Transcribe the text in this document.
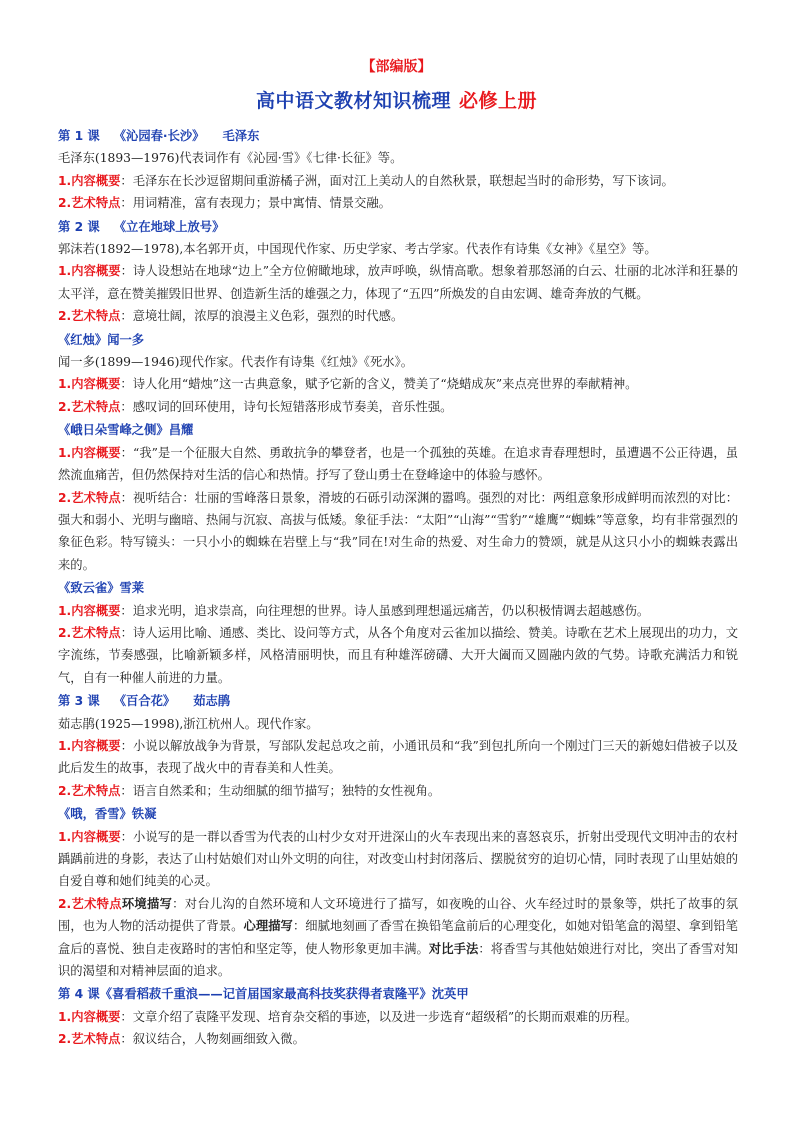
【部编版】
高中语文教材知识梳理 必修上册
第 1 课 《沁园春·长沙》 毛泽东
毛泽东(1893—1976)代表词作有《沁园·雪》《七律·长征》等。
1.内容概要：毛泽东在长沙逗留期间重游橘子洲，面对江上美动人的自然秋景，联想起当时的命形势，写下该词。
2.艺术特点：用词精准，富有表现力；景中寓情、情景交融。
第 2 课 《立在地球上放号》
郭沫若(1892—1978),本名郭开贞，中国现代作家、历史学家、考古学家。代表作有诗集《女神》《星空》等。
1.内容概要：诗人设想站在地球“边上”全方位俯瞰地球，放声呼唤，纵情高歌。想象着那怒涌的白云、壮丽的北冰洋和狂暴的太平洋，意在赞美摧毁旧世界、创造新生活的雄强之力，体现了“五四”所焕发的自由宏调、雄奇奔放的气概。
2.艺术特点：意境壮阔，浓厚的浪漫主义色彩，强烈的时代感。
《红烛》闻一多
闻一多(1899—1946)现代作家。代表作有诗集《红烛》《死水》。
1.内容概要：诗人化用“蜡烛”这一古典意象，赋予它新的含义，赞美了“烧蜡成灰”来点亮世界的奉献精神。
2.艺术特点：感叹词的回环使用，诗句长短错落形成节奏美，音乐性强。
《峨日朵雪峰之侧》昌耀
1.内容概要：“我”是一个征服大自然、勇敢抗争的攀登者，也是一个孤独的英雄。在追求青春理想时，虽遭遇不公正待遇，虽然流血痛苦，但仍然保持对生活的信心和热情。抒写了登山勇士在登峰途中的体验与感怀。
2.艺术特点：视听结合：壮丽的雪峰落日景象，滑坡的石砾引动深渊的嚣鸣。强烈的对比：两组意象形成鲜明而浓烈的对比：强大和弱小、光明与幽暗、热闹与沉寂、高拔与低矮。象征手法：“太阳”“山海”“雪豹”“雄鹰”“蜘蛛”等意象，均有非常强烈的象征色彩。特写镜头：一只小小的蜘蛛在岩壁上与“我”同在!对生命的热爱、对生命力的赞颂，就是从这只小小的蜘蛛表露出来的。
《致云雀》雪莱
1.内容概要：追求光明，追求崇高，向往理想的世界。诗人虽感到理想遥远痛苦，仍以积极情调去超越感伤。
2.艺术特点：诗人运用比喻、通感、类比、设问等方式，从各个角度对云雀加以描绘、赞美。诗歌在艺术上展现出的功力，文字流练，节奏感强，比喻新颖多样，风格清丽明快，而且有种雄浑磅礴、大开大阖而又圆融内敛的气势。诗歌充满活力和锐气，自有一种催人前进的力量。
第 3 课 《百合花》 茹志鹃
茹志鹃(1925—1998),浙江杭州人。现代作家。
1.内容概要：小说以解放战争为背景，写部队发起总攻之前，小通讯员和“我”到包扎所向一个刚过门三天的新媳妇借被子以及此后发生的故事，表现了战火中的青春美和人性美。
2.艺术特点：语言自然柔和；生动细腻的细节描写；独特的女性视角。
《哦，香雪》铁凝
1.内容概要：小说写的是一群以香雪为代表的山村少女对开进深山的火车表现出来的喜怒哀乐，折射出受现代文明冲击的农村踽踽前进的身影，表达了山村姑娘们对山外文明的向往，对改变山村封闭落后、摆脱贫穷的迫切心情，同时表现了山里姑娘的自爱自尊和她们纯美的心灵。
2.艺术特点环境描写：对台儿沟的自然环境和人文环境进行了描写，如夜晚的山谷、火车经过时的景象等，烘托了故事的氛围，也为人物的活动提供了背景。心理描写：细腻地刻画了香雪在换铅笔盒前后的心理变化，如她对铅笔盒的渴望、拿到铅笔盒后的喜悦、独自走夜路时的害怕和坚定等，使人物形象更加丰满。对比手法：将香雪与其他姑娘进行对比，突出了香雪对知识的渴望和对精神层面的追求。
第 4 课《喜看稻菽千重浪——记首届国家最高科技奖获得者袁隆平》沈英甲
1.内容概要：文章介绍了袁隆平发现、培育杂交稻的事迹，以及进一步选育“超级稻”的长期而艰难的历程。
2.艺术特点：叙议结合，人物刻画细致入微。
